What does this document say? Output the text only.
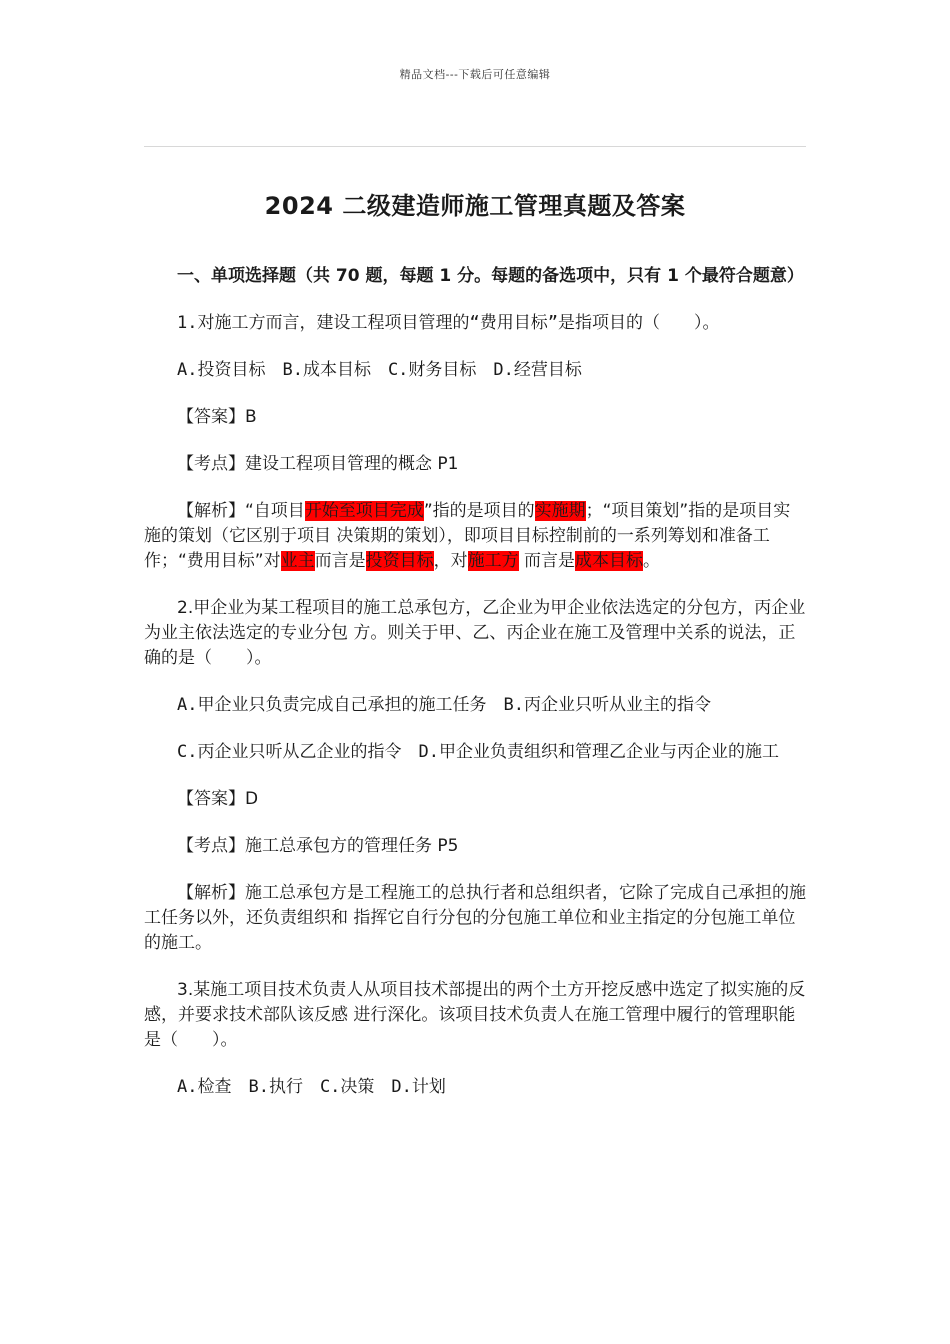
精品文档---下载后可任意编辑
2024 二级建造师施工管理真题及答案

一、单项选择题（共 70 题，每题 1 分。每题的备选项中，只有 1 个最符合题意）

1.对施工方而言，建设工程项目管理的“费用目标”是指项目的（　　）。

A.投资目标　B.成本目标　C.财务目标　D.经营目标

【答案】B

【考点】建设工程项目管理的概念 P1

【解析】“自项目开始至项目完成”指的是项目的实施期；“项目策划”指的是项目实施的策划（它区别于项目 决策期的策划），即项目目标控制前的一系列筹划和准备工作；“费用目标”对业主而言是投资目标，对施工方 而言是成本目标。

2.甲企业为某工程项目的施工总承包方，乙企业为甲企业依法选定的分包方，丙企业为业主依法选定的专业分包 方。则关于甲、乙、丙企业在施工及管理中关系的说法，正确的是（　　）。

A.甲企业只负责完成自己承担的施工任务　B.丙企业只听从业主的指令

C.丙企业只听从乙企业的指令　D.甲企业负责组织和管理乙企业与丙企业的施工

【答案】D

【考点】施工总承包方的管理任务 P5

【解析】施工总承包方是工程施工的总执行者和总组织者，它除了完成自己承担的施工任务以外，还负责组织和 指挥它自行分包的分包施工单位和业主指定的分包施工单位的施工。

3.某施工项目技术负责人从项目技术部提出的两个土方开挖反感中选定了拟实施的反感，并要求技术部队该反感 进行深化。该项目技术负责人在施工管理中履行的管理职能是（　　）。

A.检查　B.执行　C.决策　D.计划
